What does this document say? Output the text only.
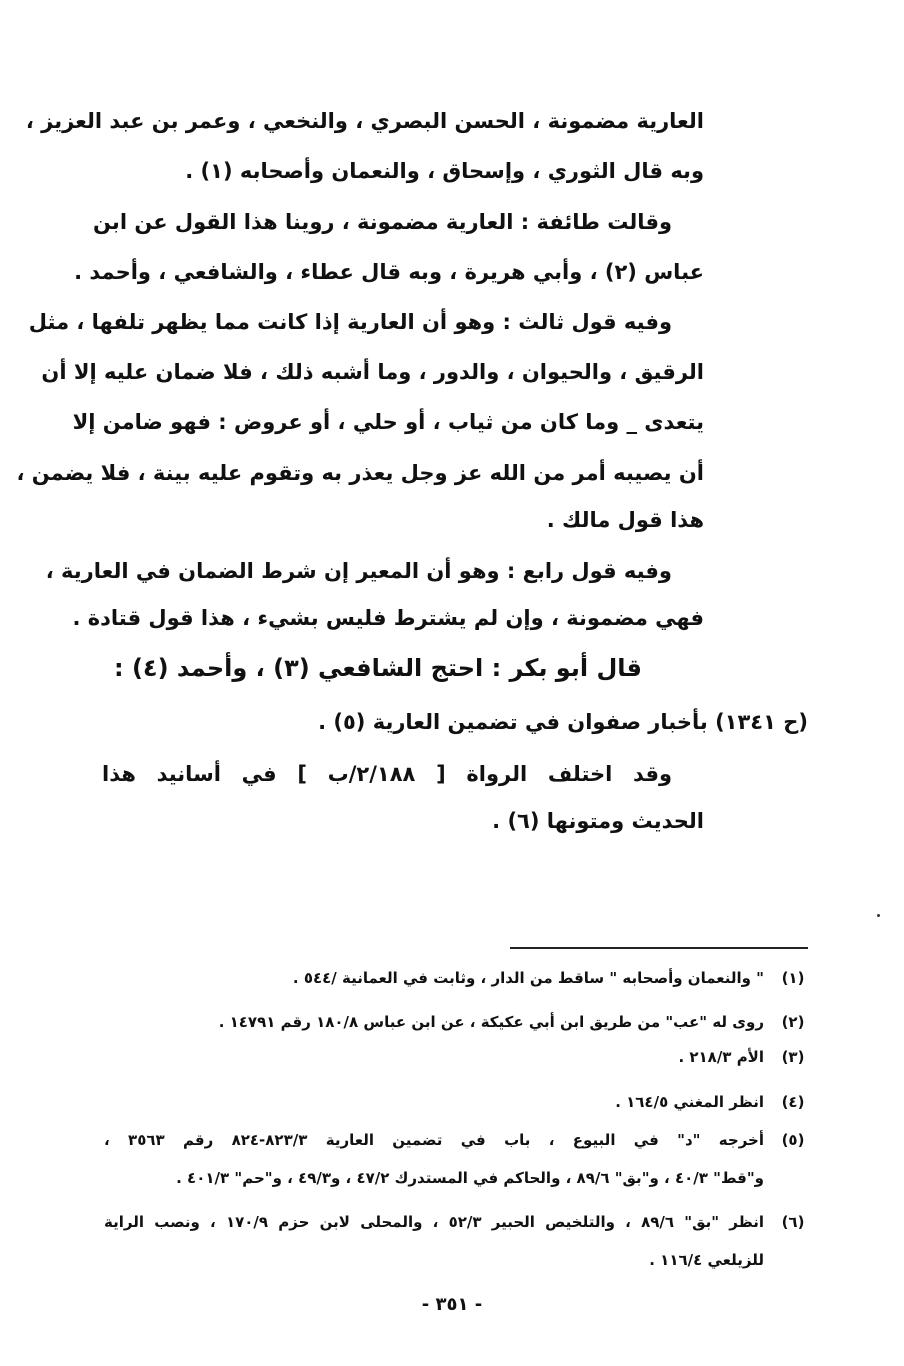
العارية مضمونة ، الحسن البصري ، والنخعي ، وعمر بن عبد العزيز ،
وبه قال الثوري ، وإسحاق ، والنعمان وأصحابه (١) .
وقالت طائفة : العارية مضمونة ، روينا هذا القول عن ابن
عباس (٢) ، وأبي هريرة ، وبه قال عطاء ، والشافعي ، وأحمد .
وفيه قول ثالث : وهو أن العارية إذا كانت مما يظهر تلفها ، مثل
الرقيق ، والحيوان ، والدور ، وما أشبه ذلك ، فلا ضمان عليه إلا أن
يتعدى _ وما كان من ثياب ، أو حلي ، أو عروض : فهو ضامن إلا
أن يصيبه أمر من الله عز وجل يعذر به وتقوم عليه بينة ، فلا يضمن ،
هذا قول مالك .
وفيه قول رابع : وهو أن المعير إن شرط الضمان في العارية ،
فهي مضمونة ، وإن لم يشترط فليس بشيء ، هذا قول قتادة .
قال أبو بكر : احتج الشافعي (٣) ، وأحمد (٤) :
(ح ١٣٤١) بأخبار صفوان في تضمين العارية (٥) .
وقد اختلف الرواة [ ٢/١٨٨/ب ] في أسانيد هذا
الحديث ومتونها (٦) .
(١)
" والنعمان وأصحابه " ساقط من الدار ، وثابت في العمانية /٥٤٤ .
(٢)
روى له "عب" من طريق ابن أبي عكيكة ، عن ابن عباس ١٨٠/٨ رقم ١٤٧٩١ .
(٣)
الأم ٢١٨/٣ .
(٤)
انظر المغني ١٦٤/٥ .
(٥)
أخرجه "د" في البيوع ، باب في تضمين العارية ٨٢٣/٣-٨٢٤ رقم ٣٥٦٣ ،
و"قط" ٤٠/٣ ، و"بق" ٨٩/٦ ، والحاكم في المستدرك ٤٧/٢ ، و٤٩/٣ ، و"حم" ٤٠١/٣ .
(٦)
انظر "بق" ٨٩/٦ ، والتلخيص الحبير ٥٢/٣ ، والمحلى لابن حزم ١٧٠/٩ ، ونصب الراية
للزيلعي ١١٦/٤ .
- ٣٥١ -
